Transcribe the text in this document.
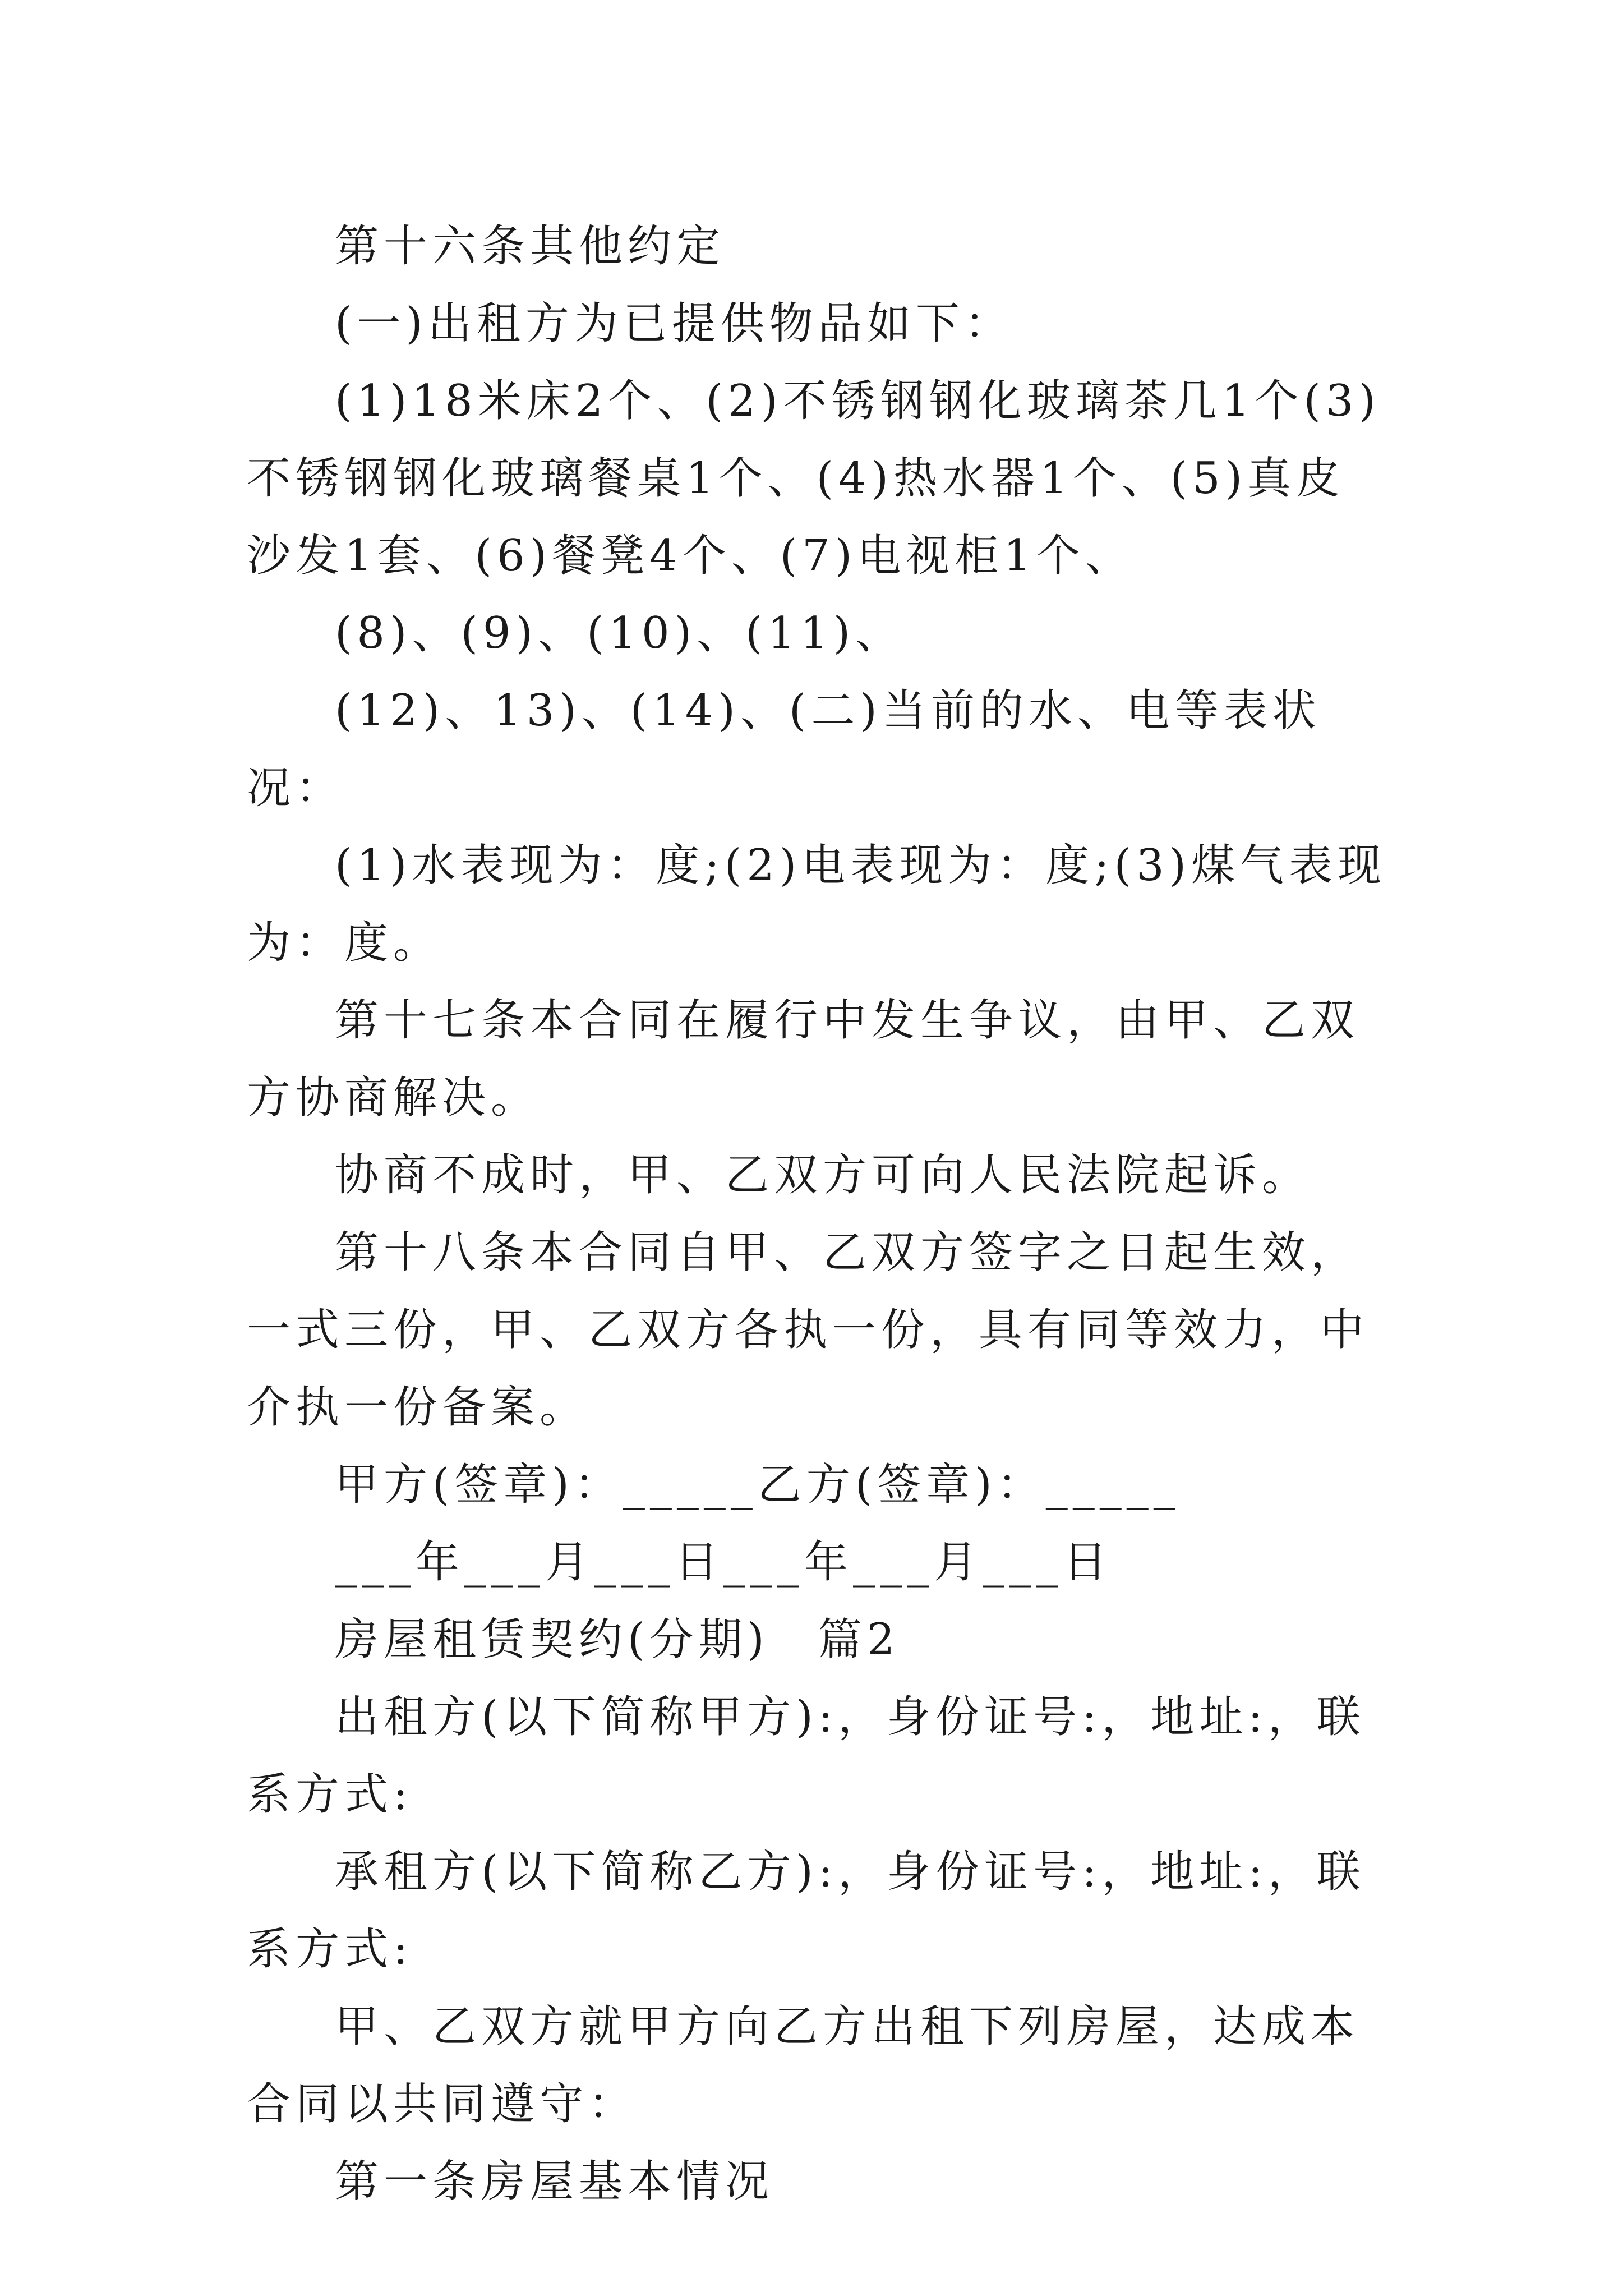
第十六条其他约定

(一)出租方为已提供物品如下：

(1)18米床2个、(2)不锈钢钢化玻璃茶几1个(3)不锈钢钢化玻璃餐桌1个、(4)热水器1个、(5)真皮沙发1套、(6)餐凳4个、(7)电视柜1个、

(8)、(9)、(10)、(11)、

(12)、13)、(14)、(二)当前的水、电等表状况：

(1)水表现为：度;(2)电表现为：度;(3)煤气表现为：度。

第十七条本合同在履行中发生争议，由甲、乙双方协商解决。

协商不成时，甲、乙双方可向人民法院起诉。

第十八条本合同自甲、乙双方签字之日起生效，一式三份，甲、乙双方各执一份，具有同等效力，中介执一份备案。

甲方(签章)：_____乙方(签章)：_____

___年___月___日___年___月___日

房屋租赁契约(分期)　篇2

出租方(以下简称甲方):，身份证号:，地址:，联系方式:

承租方(以下简称乙方):，身份证号:，地址:，联系方式:

甲、乙双方就甲方向乙方出租下列房屋，达成本合同以共同遵守：

第一条房屋基本情况
